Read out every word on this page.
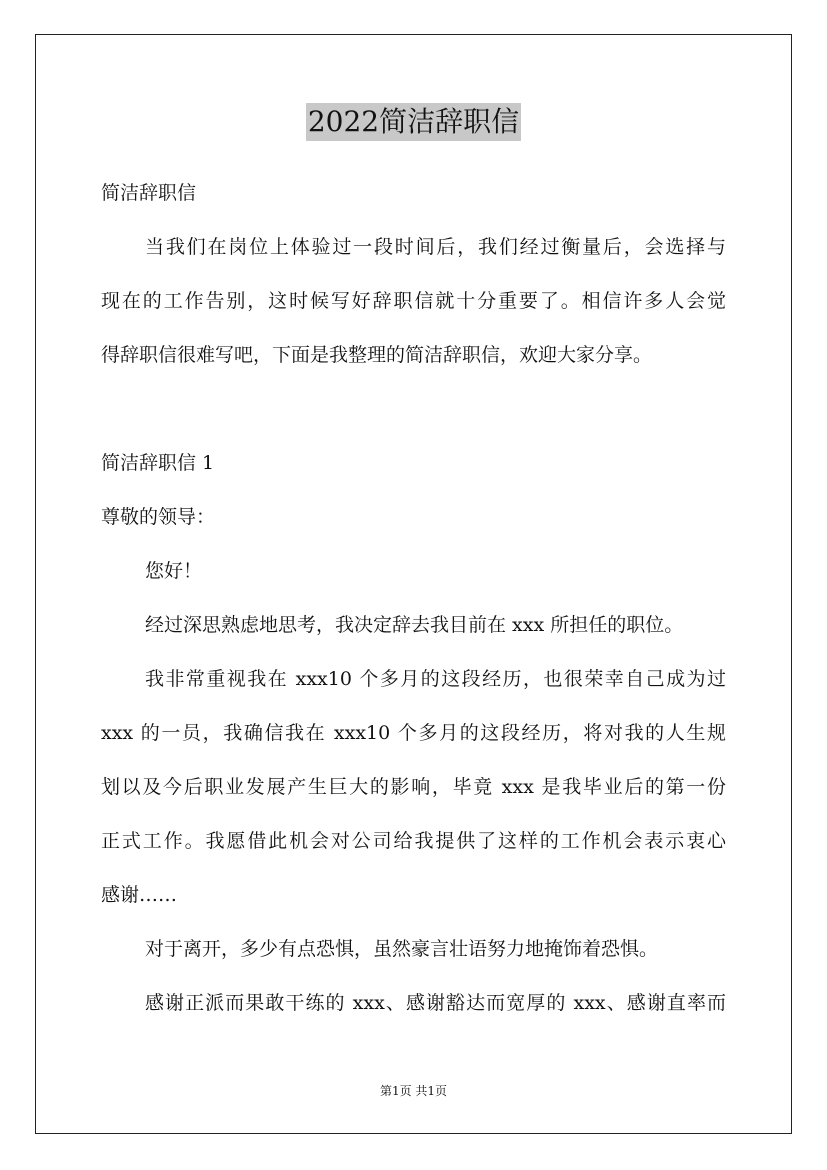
2022简洁辞职信
简洁辞职信
当我们在岗位上体验过一段时间后，我们经过衡量后，会选择与
现在的工作告别，这时候写好辞职信就十分重要了。相信许多人会觉
得辞职信很难写吧，下面是我整理的简洁辞职信，欢迎大家分享。
简洁辞职信 1
尊敬的领导：
您好！
经过深思熟虑地思考，我决定辞去我目前在 xxx 所担任的职位。
我非常重视我在 xxx10 个多月的这段经历，也很荣幸自己成为过
xxx 的一员，我确信我在 xxx10 个多月的这段经历，将对我的人生规
划以及今后职业发展产生巨大的影响，毕竟 xxx 是我毕业后的第一份
正式工作。我愿借此机会对公司给我提供了这样的工作机会表示衷心
感谢……
对于离开，多少有点恐惧，虽然豪言壮语努力地掩饰着恐惧。
感谢正派而果敢干练的 xxx、感谢豁达而宽厚的 xxx、感谢直率而
第1页 共1页
